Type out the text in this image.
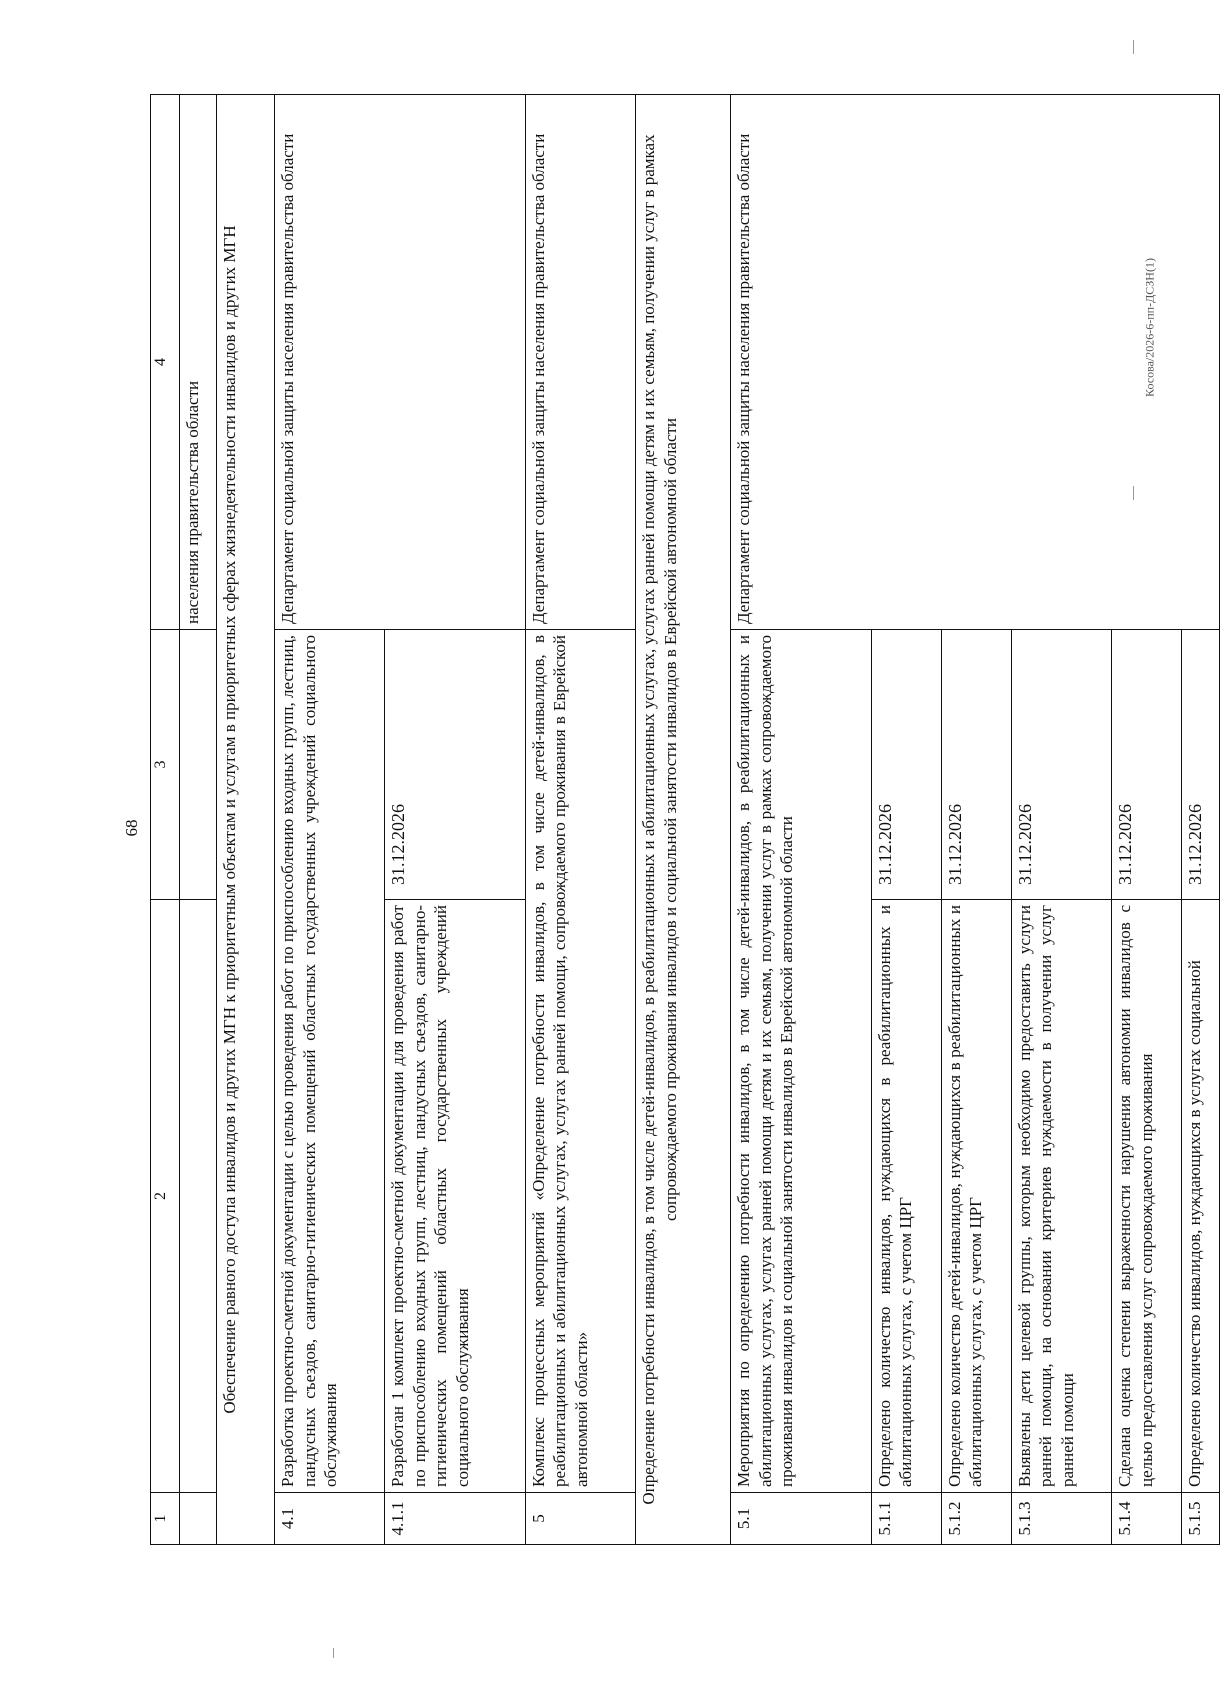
68
Косова/2026-6-пп-ДСЗН(1)
1	2	3	4
			населения правительства области
Обеспечение равного доступа инвалидов и других МГН к приоритетным объектам и услугам в приоритетных сферах жизнедеятельности инвалидов и других МГН			
4.1	Разработка проектно-сметной документации с целью проведения работ по приспособлению входных групп, лестниц, пандусных съездов, санитарно-гигиенических помещений областных государственных учреждений социального обслуживания		Департамент социальной защиты населения правительства области
4.1.1	Разработан 1 комплект проектно-сметной документации для проведения работ по приспособлению входных групп, лестниц, пандусных съездов, санитарно-гигиенических помещений областных государственных учреждений социального обслуживания	31.12.2026	
5	Комплекс процессных мероприятий «Определение потребности инвалидов, в том числе детей-инвалидов, в реабилитационных и абилитационных услугах, услугах ранней помощи, сопровождаемого проживания в Еврейской автономной области»		Департамент социальной защиты населения правительства области
Определение потребности инвалидов, в том числе детей-инвалидов, в реабилитационных и абилитационных услугах, услугах ранней помощи детям и их семьям, получении услуг в рамках сопровождаемого проживания инвалидов и социальной занятости инвалидов в Еврейской автономной области			
5.1	Мероприятия по определению потребности инвалидов, в том числе детей-инвалидов, в реабилитационных и абилитационных услугах, услугах ранней помощи детям и их семьям, получении услуг в рамках сопровождаемого проживания инвалидов и социальной занятости инвалидов в Еврейской автономной области		Департамент социальной защиты населения правительства области
5.1.1	Определено количество инвалидов, нуждающихся в реабилитационных и абилитационных услугах, с учетом ЦРГ	31.12.2026	
5.1.2	Определено количество детей-инвалидов, нуждающихся в реабилитационных и абилитационных услугах, с учетом ЦРГ	31.12.2026	
5.1.3	Выявлены дети целевой группы, которым необходимо предоставить услуги ранней помощи, на основании критериев нуждаемости в получении услуг ранней помощи	31.12.2026	
5.1.4	Сделана оценка степени выраженности нарушения автономии инвалидов с целью предоставления услуг сопровождаемого проживания	31.12.2026	
5.1.5	Определено количество инвалидов, нуждающихся в услугах социальной	31.12.2026	
